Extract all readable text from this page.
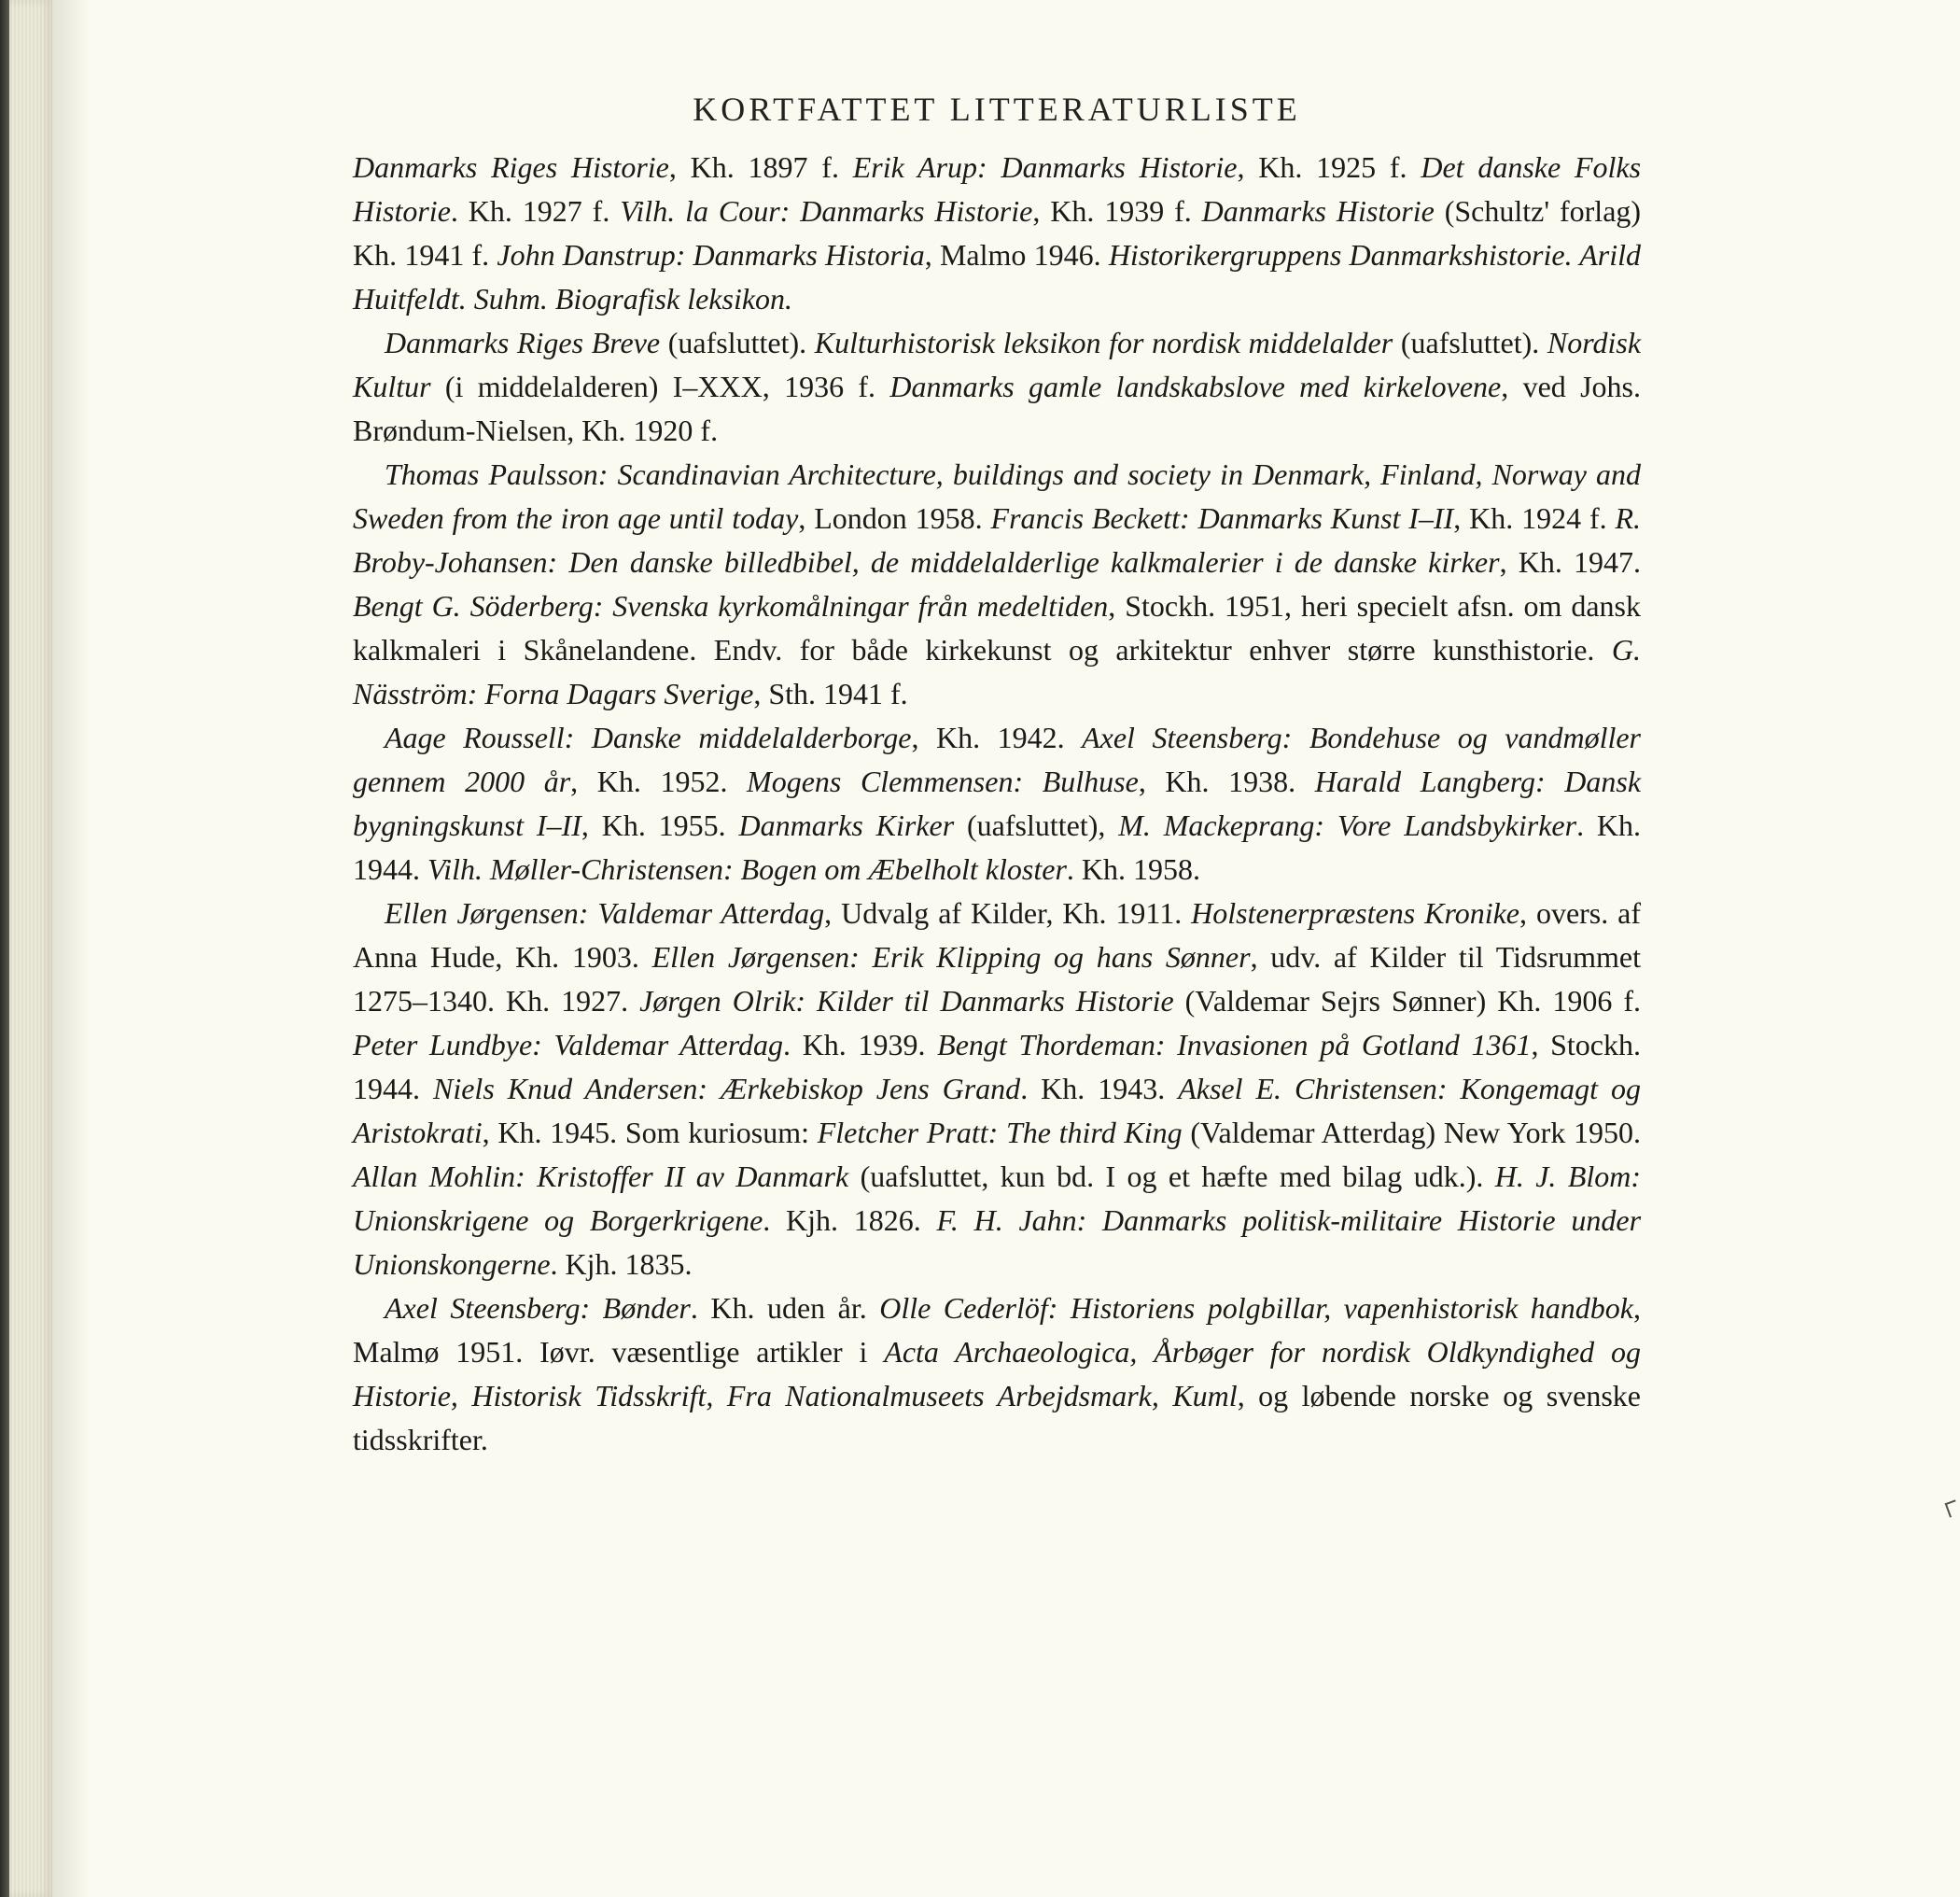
KORTFATTET LITTERATURLISTE

Danmarks Riges Historie, Kh. 1897 f. Erik Arup: Danmarks Historie, Kh. 1925 f. Det danske Folks Historie. Kh. 1927 f. Vilh. la Cour: Danmarks Historie, Kh. 1939 f. Danmarks Historie (Schultz' forlag) Kh. 1941 f. John Danstrup: Danmarks Historia, Malmo 1946. Historikergruppens Danmarkshistorie. Arild Huitfeldt. Suhm. Biografisk leksikon.

Danmarks Riges Breve (uafsluttet). Kulturhistorisk leksikon for nordisk middelalder (uafsluttet). Nordisk Kultur (i middelalderen) I–XXX, 1936 f. Danmarks gamle landskabslove med kirkelovene, ved Johs. Brøndum-Nielsen, Kh. 1920 f.

Thomas Paulsson: Scandinavian Architecture, buildings and society in Denmark, Finland, Norway and Sweden from the iron age until today, London 1958. Francis Beckett: Danmarks Kunst I–II, Kh. 1924 f. R. Broby-Johansen: Den danske billedbibel, de middelalderlige kalkmalerier i de danske kirker, Kh. 1947. Bengt G. Söderberg: Svenska kyrkomålningar från medeltiden, Stockh. 1951, heri specielt afsn. om dansk kalkmaleri i Skånelandene. Endv. for både kirkekunst og arkitektur enhver større kunsthistorie. G. Näsström: Forna Dagars Sverige, Sth. 1941 f.

Aage Roussell: Danske middelalderborge, Kh. 1942. Axel Steensberg: Bondehuse og vandmøller gennem 2000 år, Kh. 1952. Mogens Clemmensen: Bulhuse, Kh. 1938. Harald Langberg: Dansk bygningskunst I–II, Kh. 1955. Danmarks Kirker (uafsluttet), M. Mackeprang: Vore Landsbykirker. Kh. 1944. Vilh. Møller-Christensen: Bogen om Æbelholt kloster. Kh. 1958.

Ellen Jørgensen: Valdemar Atterdag, Udvalg af Kilder, Kh. 1911. Holstenerpræstens Kronike, overs. af Anna Hude, Kh. 1903. Ellen Jørgensen: Erik Klipping og hans Sønner, udv. af Kilder til Tidsrummet 1275–1340. Kh. 1927. Jørgen Olrik: Kilder til Danmarks Historie (Valdemar Sejrs Sønner) Kh. 1906 f. Peter Lundbye: Valdemar Atterdag. Kh. 1939. Bengt Thordeman: Invasionen på Gotland 1361, Stockh. 1944. Niels Knud Andersen: Ærkebiskop Jens Grand. Kh. 1943. Aksel E. Christensen: Kongemagt og Aristokrati, Kh. 1945. Som kuriosum: Fletcher Pratt: The third King (Valdemar Atterdag) New York 1950. Allan Mohlin: Kristoffer II av Danmark (uafsluttet, kun bd. I og et hæfte med bilag udk.). H. J. Blom: Unionskrigene og Borgerkrigene. Kjh. 1826. F. H. Jahn: Danmarks politisk-militaire Historie under Unionskongerne. Kjh. 1835.

Axel Steensberg: Bønder. Kh. uden år. Olle Cederlöf: Historiens polgbillar, vapenhistorisk handbok, Malmø 1951. Iøvr. væsentlige artikler i Acta Archaeologica, Årbøger for nordisk Oldkyndighed og Historie, Historisk Tidsskrift, Fra Nationalmuseets Arbejdsmark, Kuml, og løbende norske og svenske tidsskrifter.
